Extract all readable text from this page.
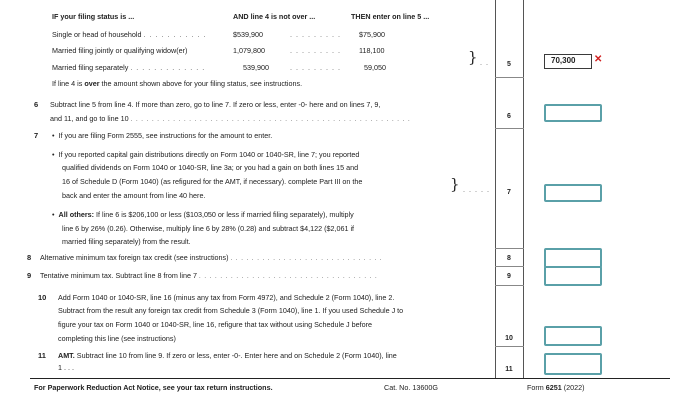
IF your filing status is ...	AND line 4 is not over ...	THEN enter on line 5 ...
Single or head of household . . . . . . . . . . .	$539,900	. . . . . . . . .	$75,900
Married filing jointly or qualifying widow(er)	1,079,800	. . . . . . . . .	118,100
Married filing separately . . . . . . . . . . . . .	539,900	. . . . . . . . .	59,050
If line 4 is over the amount shown above for your filing status, see instructions.
} . .	5	70,300 ✕
6 Subtract line 5 from line 4. If more than zero, go to line 7. If zero or less, enter -0- here and on lines 7, 9,
and 11, and go to line 10 . . . . . . . . . . . . . . . . . . . . . . . . . . . . . . . . . . . . . . . . . . . . . . . . . . . . .	6
7 •  If you are filing Form 2555, see instructions for the amount to enter.
•  If you reported capital gain distributions directly on Form 1040 or 1040-SR, line 7; you reported
qualified dividends on Form 1040 or 1040-SR, line 3a; or you had a gain on both lines 15 and
16 of Schedule D (Form 1040) (as refigured for the AMT, if necessary). complete Part III on the
back and enter the amount from line 40 here.
•  All others: If line 6 is $206,100 or less ($103,050 or less if married filing separately), multiply
line 6 by 26% (0.26). Otherwise, multiply line 6 by 28% (0.28) and subtract $4,122 ($2,061 if
married filing separately) from the result.
} . . . . .	7
8 Alternative minimum tax foreign tax credit (see instructions) . . . . . . . . . . . . . . . . . . . . . . . . . . . . .	8
9 Tentative minimum tax. Subtract line 8 from line 7 . . . . . . . . . . . . . . . . . . . . . . . . . . . . . . . . . .	9
10 Add Form 1040 or 1040-SR, line 16 (minus any tax from Form 4972), and Schedule 2 (Form 1040), line 2.
Subtract from the result any foreign tax credit from Schedule 3 (Form 1040), line 1. If you used Schedule J to
figure your tax on Form 1040 or 1040-SR, line 16, refigure that tax without using Schedule J before
completing this line (see instructions)	10
11 AMT. Subtract line 10 from line 9. If zero or less, enter -0-. Enter here and on Schedule 2 (Form 1040), line
1 . . .	11
For Paperwork Reduction Act Notice, see your tax return instructions.	Cat. No. 13600G	Form 6251 (2022)
